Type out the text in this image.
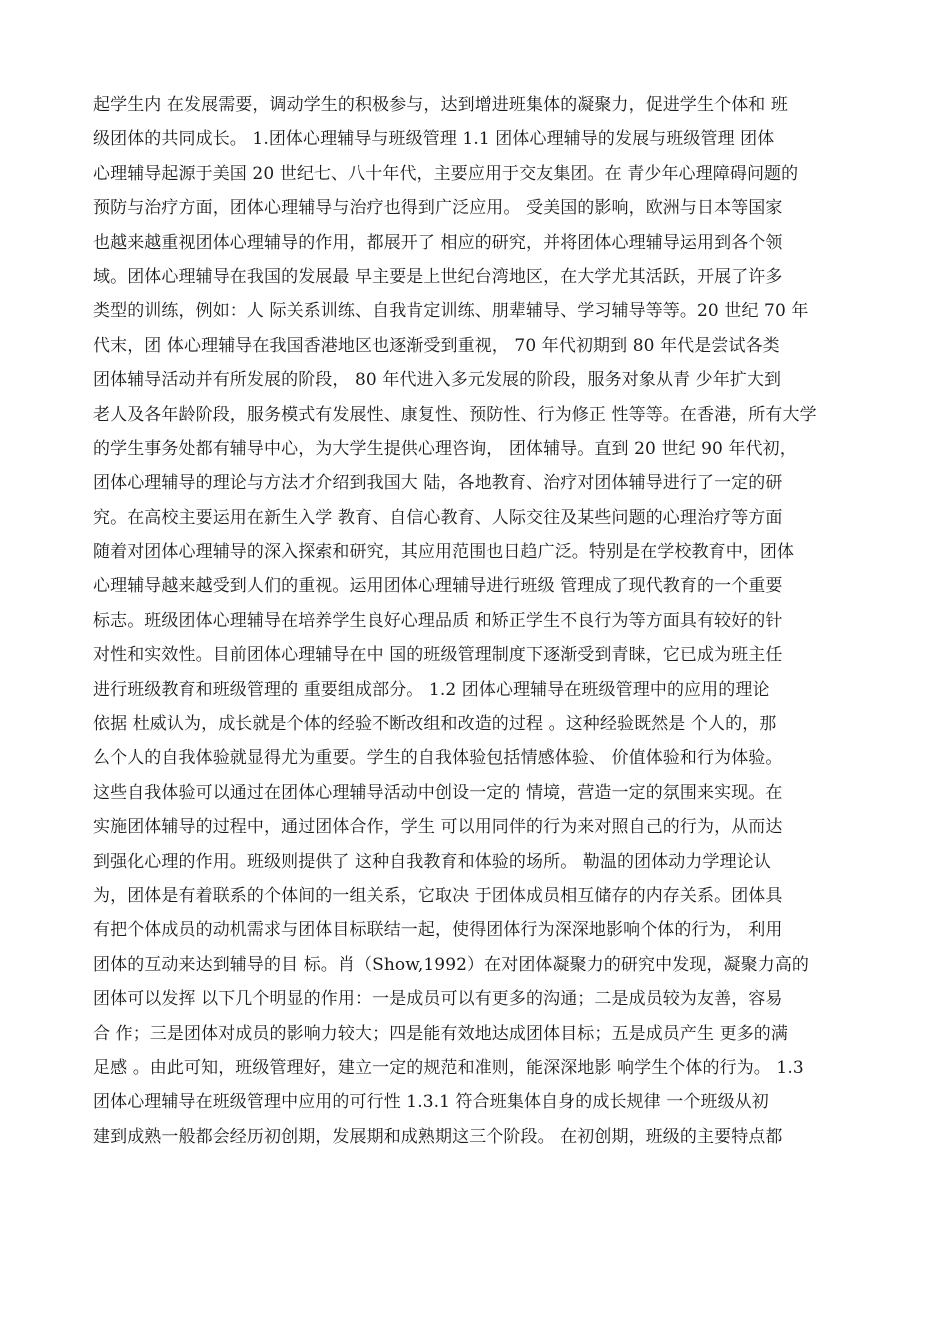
起学生内 在发展需要，调动学生的积极参与，达到增进班集体的凝聚力，促进学生个体和 班
级团体的共同成长。 1.团体心理辅导与班级管理 1.1 团体心理辅导的发展与班级管理 团体
心理辅导起源于美国 20 世纪七、八十年代，主要应用于交友集团。在 青少年心理障碍问题的
预防与治疗方面，团体心理辅导与治疗也得到广泛应用。 受美国的影响，欧洲与日本等国家
也越来越重视团体心理辅导的作用，都展开了 相应的研究，并将团体心理辅导运用到各个领
域。团体心理辅导在我国的发展最 早主要是上世纪台湾地区，在大学尤其活跃，开展了许多
类型的训练，例如：人 际关系训练、自我肯定训练、朋辈辅导、学习辅导等等。20 世纪 70 年
代末，团 体心理辅导在我国香港地区也逐渐受到重视， 70 年代初期到 80 年代是尝试各类
团体辅导活动并有所发展的阶段， 80 年代进入多元发展的阶段，服务对象从青 少年扩大到
老人及各年龄阶段，服务模式有发展性、康复性、预防性、行为修正 性等等。在香港，所有大学
的学生事务处都有辅导中心，为大学生提供心理咨询， 团体辅导。直到 20 世纪 90 年代初，
团体心理辅导的理论与方法才介绍到我国大 陆，各地教育、治疗对团体辅导进行了一定的研
究。在高校主要运用在新生入学 教育、自信心教育、人际交往及某些问题的心理治疗等方面
随着对团体心理辅导的深入探索和研究，其应用范围也日趋广泛。特别是在学校教育中，团体
心理辅导越来越受到人们的重视。运用团体心理辅导进行班级 管理成了现代教育的一个重要
标志。班级团体心理辅导在培养学生良好心理品质 和矫正学生不良行为等方面具有较好的针
对性和实效性。目前团体心理辅导在中 国的班级管理制度下逐渐受到青睐，它已成为班主任
进行班级教育和班级管理的 重要组成部分。 1.2 团体心理辅导在班级管理中的应用的理论
依据 杜威认为，成长就是个体的经验不断改组和改造的过程 。这种经验既然是 个人的，那
么个人的自我体验就显得尤为重要。学生的自我体验包括情感体验、 价值体验和行为体验。
这些自我体验可以通过在团体心理辅导活动中创设一定的 情境，营造一定的氛围来实现。在
实施团体辅导的过程中，通过团体合作，学生 可以用同伴的行为来对照自己的行为，从而达
到强化心理的作用。班级则提供了 这种自我教育和体验的场所。 勒温的团体动力学理论认
为，团体是有着联系的个体间的一组关系，它取决 于团体成员相互储存的内存关系。团体具
有把个体成员的动机需求与团体目标联结一起，使得团体行为深深地影响个体的行为， 利用
团体的互动来达到辅导的目 标。肖（Show,1992）在对团体凝聚力的研究中发现，凝聚力高的
团体可以发挥 以下几个明显的作用：一是成员可以有更多的沟通；二是成员较为友善，容易
合 作；三是团体对成员的影响力较大；四是能有效地达成团体目标；五是成员产生 更多的满
足感 。由此可知，班级管理好，建立一定的规范和准则，能深深地影 响学生个体的行为。 1.3
团体心理辅导在班级管理中应用的可行性 1.3.1 符合班集体自身的成长规律 一个班级从初
建到成熟一般都会经历初创期，发展期和成熟期这三个阶段。 在初创期，班级的主要特点都
